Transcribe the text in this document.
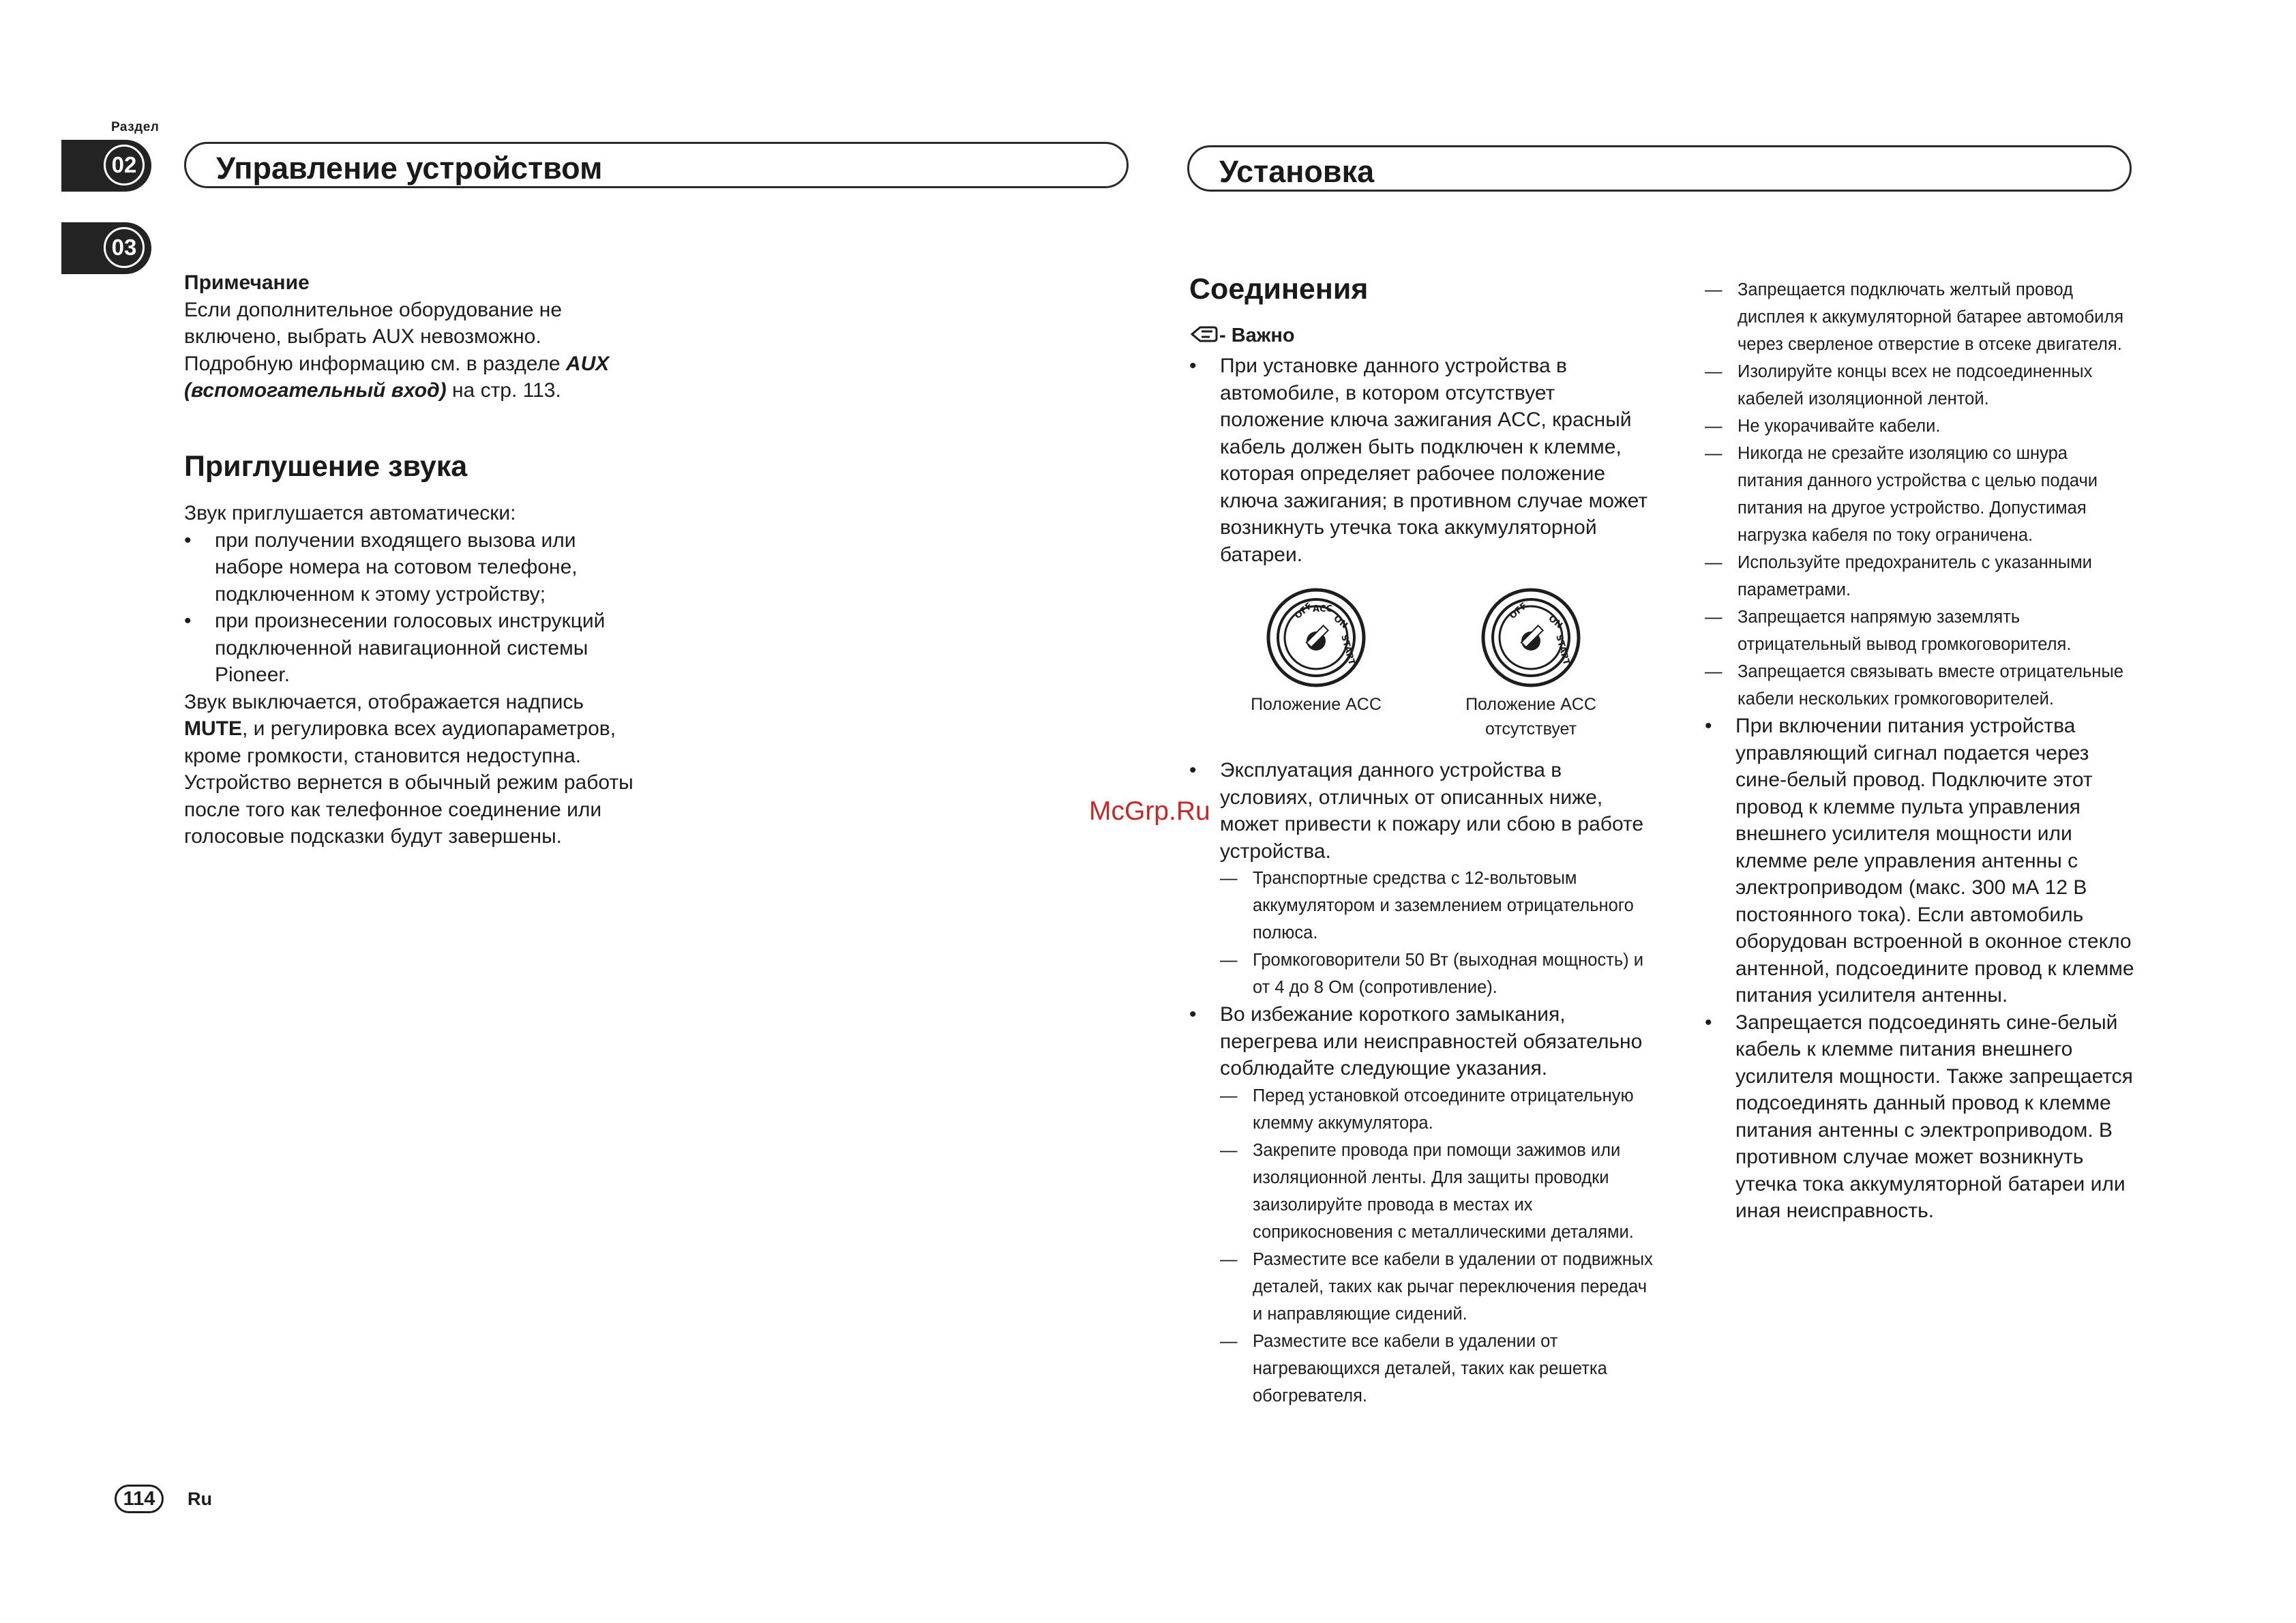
Раздел
02
03
Управление устройством	Установка
Примечание

Если дополнительное оборудование не включено, выбрать AUX невозможно. Подробную информацию см. в разделе AUX (вспомогательный вход) на стр. 113.

Приглушение звука

Звук приглушается автоматически:

• при получении входящего вызова или наборе номера на сотовом телефоне, подключенном к этому устройству;
• при произнесении голосовых инструкций подключенной навигационной системы Pioneer.

Звук выключается, отображается надпись MUTE, и регулировка всех аудиопараметров, кроме громкости, становится недоступна. Устройство вернется в обычный режим работы после того как телефонное соединение или голосовые подсказки будут завершены.

Соединения
- Важно
• При установке данного устройства в автомобиле, в котором отсутствует положение ключа зажигания ACC, красный кабель должен быть подключен к клемме, которая определяет рабочее положение ключа зажигания; в противном случае может возникнуть утечка тока аккумуляторной батареи.
OFF
ACC
ON
START
Положение ACC
OFF
ON
START
Положение ACC отсутствует
• Эксплуатация данного устройства в условиях, отличных от описанных ниже, может привести к пожару или сбою в работе устройства.
— Транспортные средства с 12-вольтовым аккумулятором и заземлением отрицательного полюса.
— Громкоговорители 50 Вт (выходная мощность) и от 4 до 8 Ом (сопротивление).
• Во избежание короткого замыкания, перегрева или неисправностей обязательно соблюдайте следующие указания.
— Перед установкой отсоедините отрицательную клемму аккумулятора.
— Закрепите провода при помощи зажимов или изоляционной ленты. Для защиты проводки заизолируйте провода в местах их соприкосновения с металлическими деталями.
— Разместите все кабели в удалении от подвижных деталей, таких как рычаг переключения передач и направляющие сидений.
— Разместите все кабели в удалении от нагревающихся деталей, таких как решетка обогревателя.
— Запрещается подключать желтый провод дисплея к аккумуляторной батарее автомобиля через сверленое отверстие в отсеке двигателя.
— Изолируйте концы всех не подсоединенных кабелей изоляционной лентой.
— Не укорачивайте кабели.
— Никогда не срезайте изоляцию со шнура питания данного устройства с целью подачи питания на другое устройство. Допустимая нагрузка кабеля по току ограничена.
— Используйте предохранитель с указанными параметрами.
— Запрещается напрямую заземлять отрицательный вывод громкоговорителя.
— Запрещается связывать вместе отрицательные кабели нескольких громкоговорителей.
• При включении питания устройства управляющий сигнал подается через сине-белый провод. Подключите этот провод к клемме пульта управления внешнего усилителя мощности или клемме реле управления антенны с электроприводом (макс. 300 мА 12 В постоянного тока). Если автомобиль оборудован встроенной в оконное стекло антенной, подсоедините провод к клемме питания усилителя антенны.
• Запрещается подсоединять сине-белый кабель к клемме питания внешнего усилителя мощности. Также запрещается подсоединять данный провод к клемме питания антенны с электроприводом. В противном случае может возникнуть утечка тока аккумуляторной батареи или иная неисправность.
McGrp.Ru
114	Ru
